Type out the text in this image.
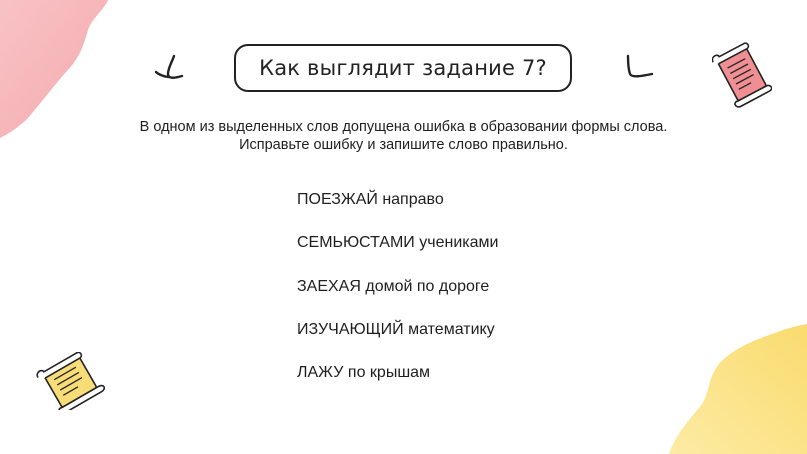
Как выглядит задание 7?
В одном из выделенных слов допущена ошибка в образовании формы слова.
Исправьте ошибку и запишите слово правильно.
ПОЕЗЖАЙ направо
СЕМЬЮСТАМИ учениками
ЗАЕХАЯ домой по дороге
ИЗУЧАЮЩИЙ математику
ЛАЖУ по крышам
